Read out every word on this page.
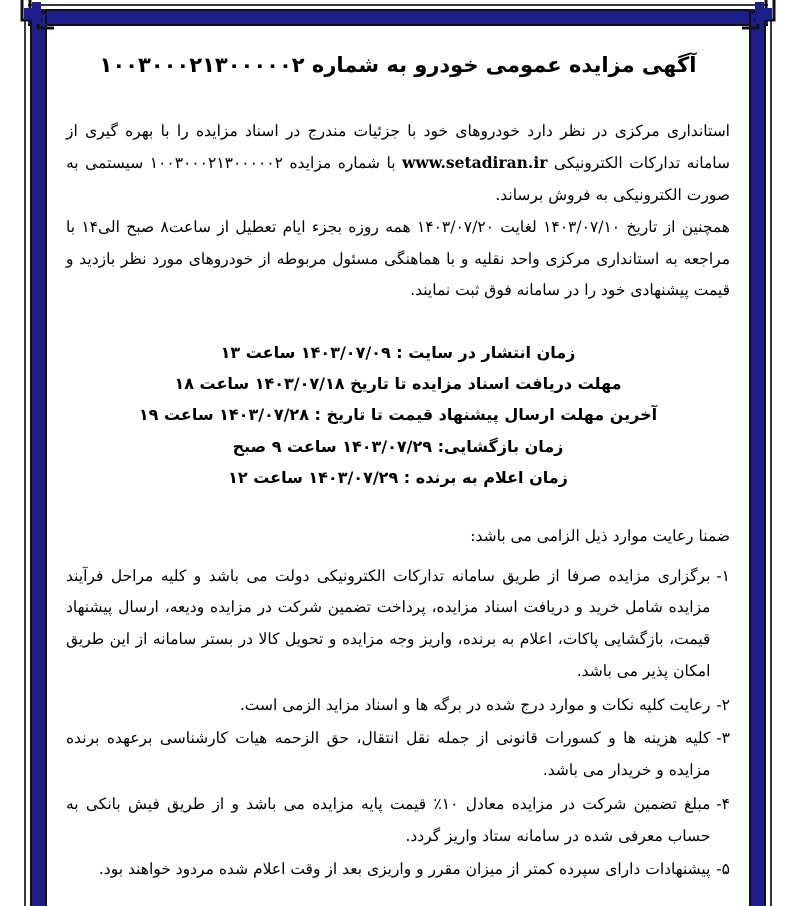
آگهی مزایده عمومی خودرو به شماره ۱۰۰۳۰۰۰۲۱۳۰۰۰۰۰۲

استانداری مرکزی در نظر دارد خودروهای خود با جزئیات مندرج در اسناد مزایده را با بهره گیری از سامانه تدارکات الکترونیکی www.setadiran.ir با شماره مزایده ۱۰۰۳۰۰۰۲۱۳۰۰۰۰۰۲ سیستمی به صورت الکترونیکی به فروش برساند.

همچنین از تاریخ ۱۴۰۳/۰۷/۱۰ لغایت ۱۴۰۳/۰۷/۲۰ همه روزه بجزء ایام تعطیل از ساعت۸ صبح الی۱۴ با مراجعه به استانداری مرکزی واحد نقلیه و با هماهنگی مسئول مربوطه از خودروهای مورد نظر بازدید و قیمت پیشنهادی خود را در سامانه فوق ثبت نمایند.

زمان انتشار در سایت : ۱۴۰۳/۰۷/۰۹ ساعت ۱۳

مهلت دریافت اسناد مزایده تا تاریخ ۱۴۰۳/۰۷/۱۸ ساعت ۱۸

آخرین مهلت ارسال پیشنهاد قیمت تا تاریخ : ۱۴۰۳/۰۷/۲۸ ساعت ۱۹

زمان بازگشایی: ۱۴۰۳/۰۷/۲۹ ساعت ۹ صبح

زمان اعلام به برنده : ۱۴۰۳/۰۷/۲۹ ساعت ۱۲

ضمنا رعایت موارد ذیل الزامی می باشد:

۱-
برگزاری مزایده صرفا از طریق سامانه تدارکات الکترونیکی دولت می باشد و کلیه مراحل فرآیند مزایده شامل خرید و دریافت اسناد مزایده، پرداخت تضمین شرکت در مزایده ودیعه، ارسال پیشنهاد قیمت، بازگشایی پاکات، اعلام به برنده، واریز وجه مزایده و تحویل کالا در بستر سامانه از این طریق امکان پذیر می باشد.
۲-
رعایت کلیه نکات و موارد درج شده در برگه ها و اسناد مزاید الزمی است.
۳-
کلیه هزینه ها و کسورات قانونی از جمله نقل انتقال، حق الزحمه هیات کارشناسی برعهده برنده مزایده و خریدار می باشد.
۴-
مبلغ تضمین شرکت در مزایده معادل ۱۰٪ قیمت پایه مزایده می باشد و از طریق فیش بانکی به حساب معرفی شده در سامانه ستاد واریز گردد.
۵-
پیشنهادات دارای سپرده کمتر از میزان مقرر و واریزی بعد از وقت اعلام شده مردود خواهند بود.
